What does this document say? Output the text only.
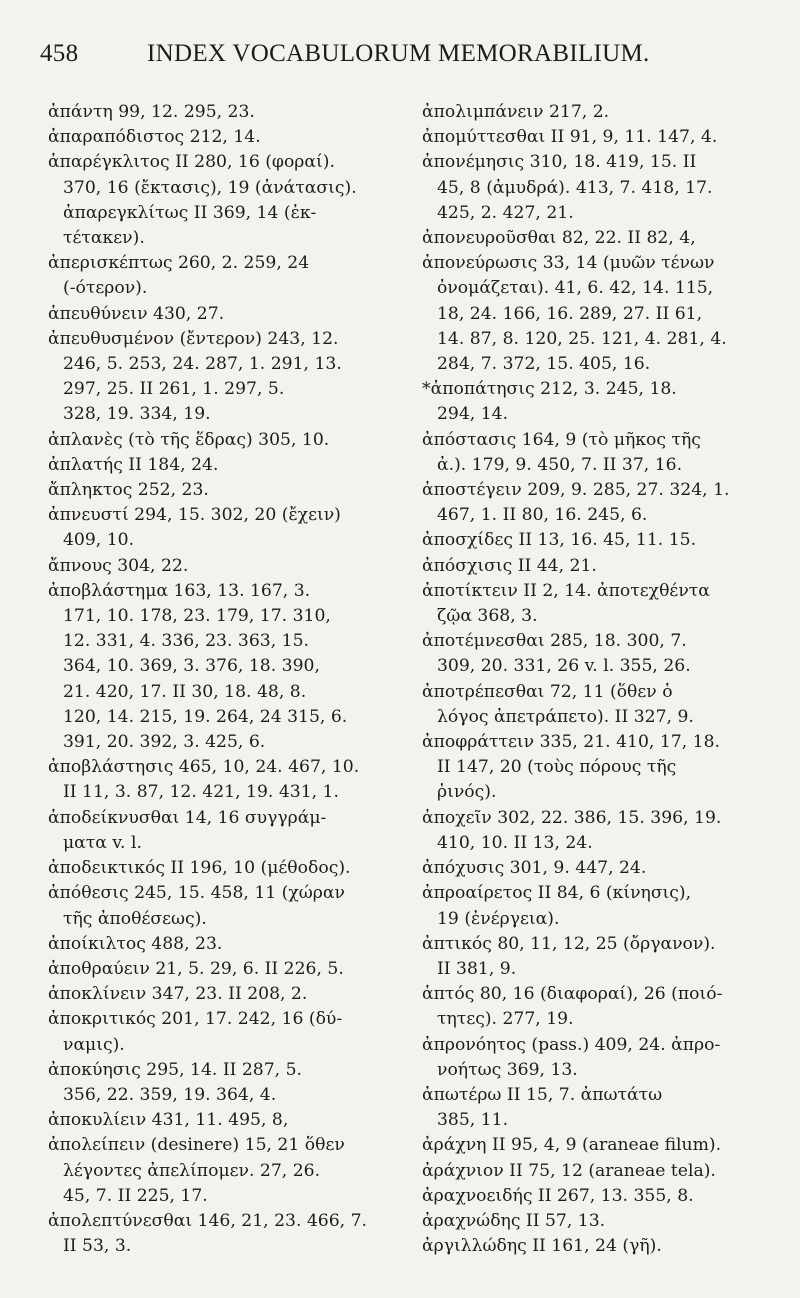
458	INDEX VOCABULORUM MEMORABILIUM.
ἀπάντη 99, 12. 295, 23.
ἀπαραπόδιστος 212, 14.
ἀπαρέγκλιτος II 280, 16 (φοραί).
370, 16 (ἔκτασις), 19 (ἀνάτασις).
ἀπαρεγκλίτως II 369, 14 (ἐκ-
τέτακεν).
ἀπερισκέπτως 260, 2. 259, 24
(-ότερον).
ἀπευθύνειν 430, 27.
ἀπευθυσμένον (ἔντερον) 243, 12.
246, 5. 253, 24. 287, 1. 291, 13.
297, 25. II 261, 1. 297, 5.
328, 19. 334, 19.
ἀπλανὲς (τὸ τῆς ἕδρας) 305, 10.
ἀπλατής II 184, 24.
ἄπληκτος 252, 23.
ἀπνευστί 294, 15. 302, 20 (ἔχειν)
409, 10.
ἄπνους 304, 22.
ἀποβλάστημα 163, 13. 167, 3.
171, 10. 178, 23. 179, 17. 310,
12. 331, 4. 336, 23. 363, 15.
364, 10. 369, 3. 376, 18. 390,
21. 420, 17. II 30, 18. 48, 8.
120, 14. 215, 19. 264, 24 315, 6.
391, 20. 392, 3. 425, 6.
ἀποβλάστησις 465, 10, 24. 467, 10.
II 11, 3. 87, 12. 421, 19. 431, 1.
ἀποδείκνυσθαι 14, 16 συγγράμ-
ματα v. l.
ἀποδεικτικός II 196, 10 (μέθοδος).
ἀπόθεσις 245, 15. 458, 11 (χώραν
τῆς ἀποθέσεως).
ἀποίκιλτος 488, 23.
ἀποθραύειν 21, 5. 29, 6. II 226, 5.
ἀποκλίνειν 347, 23. II 208, 2.
ἀποκριτικός 201, 17. 242, 16 (δύ-
ναμις).
ἀποκύησις 295, 14. II 287, 5.
356, 22. 359, 19. 364, 4.
ἀποκυλίειν 431, 11. 495, 8,
ἀπολείπειν (desinere) 15, 21 ὅθεν
λέγοντες ἀπελίπομεν. 27, 26.
45, 7. II 225, 17.
ἀπολεπτύνεσθαι 146, 21, 23. 466, 7.
II 53, 3.
ἀπολιμπάνειν 217, 2.
ἀπομύττεσθαι II 91, 9, 11. 147, 4.
ἀπονέμησις 310, 18. 419, 15. II
45, 8 (ἀμυδρά). 413, 7. 418, 17.
425, 2. 427, 21.
ἀπονευροῦσθαι 82, 22. II 82, 4,
ἀπονεύρωσις 33, 14 (μυῶν τένων
ὀνομάζεται). 41, 6. 42, 14. 115,
18, 24. 166, 16. 289, 27. II 61,
14. 87, 8. 120, 25. 121, 4. 281, 4.
284, 7. 372, 15. 405, 16.
*ἀποπάτησις 212, 3. 245, 18.
294, 14.
ἀπόστασις 164, 9 (τὸ μῆκος τῆς
ἀ.). 179, 9. 450, 7. II 37, 16.
ἀποστέγειν 209, 9. 285, 27. 324, 1.
467, 1. II 80, 16. 245, 6.
ἀποσχίδες II 13, 16. 45, 11. 15.
ἀπόσχισις II 44, 21.
ἀποτίκτειν II 2, 14. ἀποτεχθέντα
ζῷα 368, 3.
ἀποτέμνεσθαι 285, 18. 300, 7.
309, 20. 331, 26 v. l. 355, 26.
ἀποτρέπεσθαι 72, 11 (ὅθεν ὁ
λόγος ἀπετράπετο). II 327, 9.
ἀποφράττειν 335, 21. 410, 17, 18.
II 147, 20 (τοὺς πόρους τῆς
ῥινός).
ἀποχεῖν 302, 22. 386, 15. 396, 19.
410, 10. II 13, 24.
ἀπόχυσις 301, 9. 447, 24.
ἀπροαίρετος II 84, 6 (κίνησις),
19 (ἐνέργεια).
ἀπτικός 80, 11, 12, 25 (ὄργανον).
II 381, 9.
ἁπτός 80, 16 (διαφοραί), 26 (ποιό-
τητες). 277, 19.
ἀπρονόητος (pass.) 409, 24. ἀπρο-
νοήτως 369, 13.
ἀπωτέρω II 15, 7. ἀπωτάτω
385, 11.
ἀράχνη II 95, 4, 9 (araneae filum).
ἀράχνιον II 75, 12 (araneae tela).
ἀραχνοειδής II 267, 13. 355, 8.
ἀραχνώδης II 57, 13.
ἀργιλλώδης II 161, 24 (γῆ).
